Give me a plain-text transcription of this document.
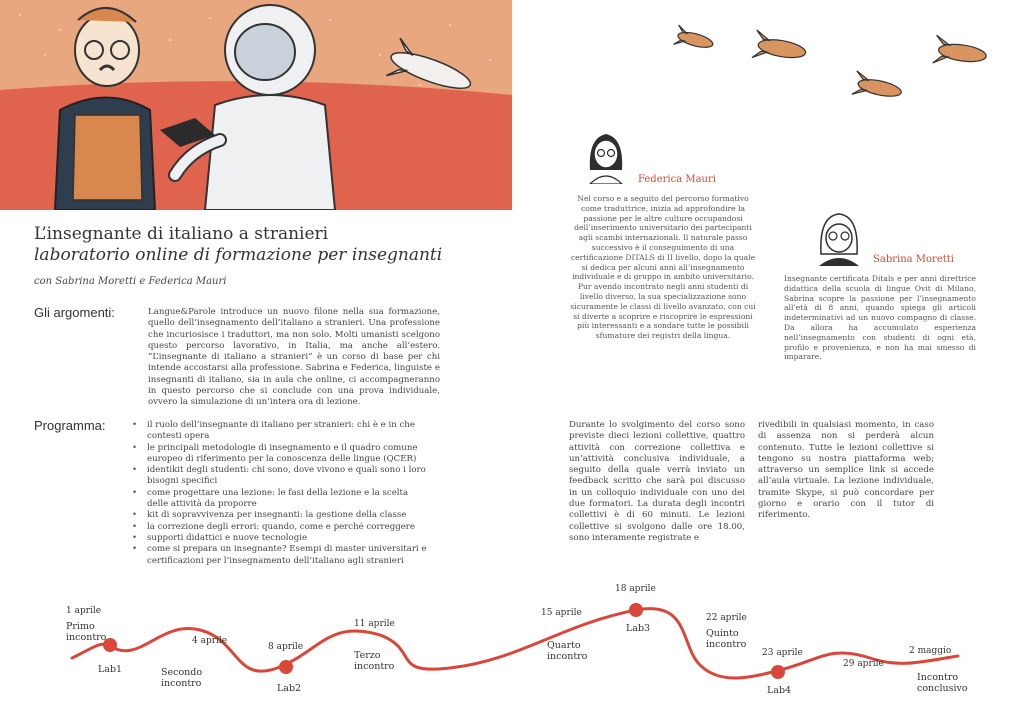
L’insegnante di italiano a stranieri
laboratorio online di formazione per insegnanti
con Sabrina Moretti e Federica Mauri
Gli argomenti:	Langue&Parole introduce un nuovo filone nella sua formazione, quello dell’insegnamento dell’italiano a stranieri. Una professione che incuriosisce i traduttori, ma non solo. Molti umanisti scelgono questo percorso lavorativo, in Italia, ma anche all’estero. “L’insegnante di italiano a stranieri” è un corso di base per chi intende accostarsi alla professione. Sabrina e Federica, linguiste e insegnanti di italiano, sia in aula che online, ci accompagneranno in questo percorso che si conclude con una prova individuale, ovvero la simulazione di un’intera ora di lezione.
Programma:
•	il ruolo dell’insegnante di italiano per stranieri: chi è e in che contesti opera
• le principali metodologie di insegnamento e il quadro comune europeo di riferimento per la conoscenza delle lingue (QCER)
• identikit degli studenti: chi sono, dove vivono e quali sono i loro bisogni specifici
• come progettare una lezione: le fasi della lezione e la scelta delle attività da proporre
• kit di sopravvivenza per insegnanti: la gestione della classe
• la correzione degli errori: quando, come e perché correggere
• supporti didattici e nuove tecnologie
• come si prepara un insegnante? Esempi di master universitari e certificazioni per l’insegnamento dell’italiano agli stranieri
Durante lo svolgimento del corso sono previste dieci lezioni collettive, quattro attività con correzione collettiva e un’attività conclusiva individuale, a seguito della quale verrà inviato un feedback scritto che sarà poi discusso in un colloquio individuale con uno dei due formatori. La durata degli incontri collettivi è di 60 minuti. Le lezioni collettive si svolgono dalle ore 18.00, sono interamente registrate e
rivedibili in qualsiasi momento, in caso di assenza non si perderà alcun contenuto. Tutte le lezioni collettive si tengono su nostra piattaforma web; attraverso un semplice link si accede all’aula virtuale. La lezione individuale, tramite Skype, si può concordare per giorno e orario con il tutor di riferimento.
Federica Mauri
Nel corso e a seguito del percorso formativo come traduttrice, inizia ad approfondire la passione per le altre culture occupandosi dell’inserimento universitario dei partecipanti agli scambi internazionali. Il naturale passo successivo è il conseguimento di una certificazione DITALS di II livello, dopo la quale si dedica per alcuni anni all’insegnamento individuale e di gruppo in ambito universitario. Pur avendo incontrato negli anni studenti di livello diverso, la sua specializzazione sono sicuramente le classi di livello avanzato, con cui si diverte a scoprire e riscoprire le espressioni più interessanti e a sondare tutte le possibili sfumature dei registri della lingua.
Sabrina Moretti
Insegnante certificata Ditals e per anni direttrice didattica della scuola di lingue Ovit di Milano, Sabrina scopre la passione per l’insegnamento all’età di 8 anni, quando spiega gli articoli indeterminativi ad un nuovo compagno di classe. Da allora ha accumulato esperienza nell’insegnamento con studenti di ogni età, profilo e provenienza, e non ha mai smesso di imparare.
1 aprile
Primo incontro
Lab1
4 aprile
Secondo incontro
8 aprile
Lab2
11 aprile
Terzo incontro
15 aprile
Quarto incontro
18 aprile
Lab3
22 aprile
Quinto incontro
23 aprile
Lab4
29 aprile
2 maggio
Incontro conclusivo
